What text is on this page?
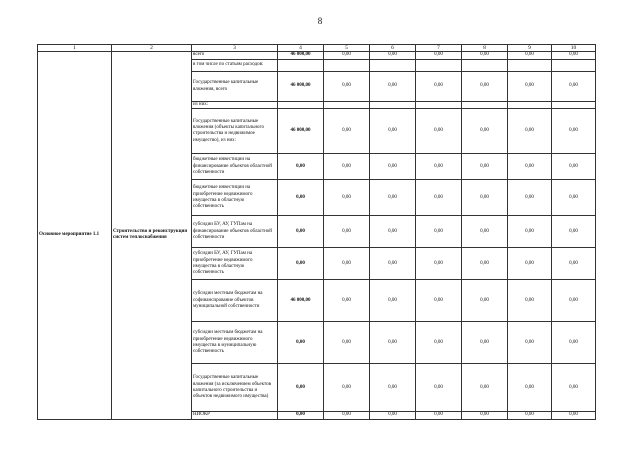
8
1	2	3	4	5	6	7	8	9	10
Основное мероприятие 1.1	Строительство и реконструкция систем теплоснабжения	всего	46 000,00	0,00	0,00	0,00	0,00	0,00	0,00
		в том числе по статьям расходов:							
		Государственные капитальные вложения, всего	46 000,00	0,00	0,00	0,00	0,00	0,00	0,00
		из них:							
		Государственные капитальные вложения (объекты капитального строительства и недвижимое имущество), из них:	46 000,00	0,00	0,00	0,00	0,00	0,00	0,00
		бюджетные инвестиции на финансирование объектов областной собственности	0,00	0,00	0,00	0,00	0,00	0,00	0,00
		бюджетные инвестиции на приобретение недвижимого имущества в областную собственность	0,00	0,00	0,00	0,00	0,00	0,00	0,00
		субсидии БУ, АУ, ГУПам на финансирование объектов областной собственности	0,00	0,00	0,00	0,00	0,00	0,00	0,00
		субсидии БУ, АУ, ГУПам на приобретение недвижимого имущества в областную собственность	0,00	0,00	0,00	0,00	0,00	0,00	0,00
		субсидии местным бюджетам на софинансирование объектов муниципальной собственности	46 000,00	0,00	0,00	0,00	0,00	0,00	0,00
		субсидии местным бюджетам на приобретение недвижимого имущества в муниципальную собственность	0,00	0,00	0,00	0,00	0,00	0,00	0,00
		Государственные капитальные вложения (за исключением объектов капитального строительства и объектов недвижимого имущества)	0,00	0,00	0,00	0,00	0,00	0,00	0,00
		НИОКР	0,00	0,00	0,00	0,00	0,00	0,00	0,00
